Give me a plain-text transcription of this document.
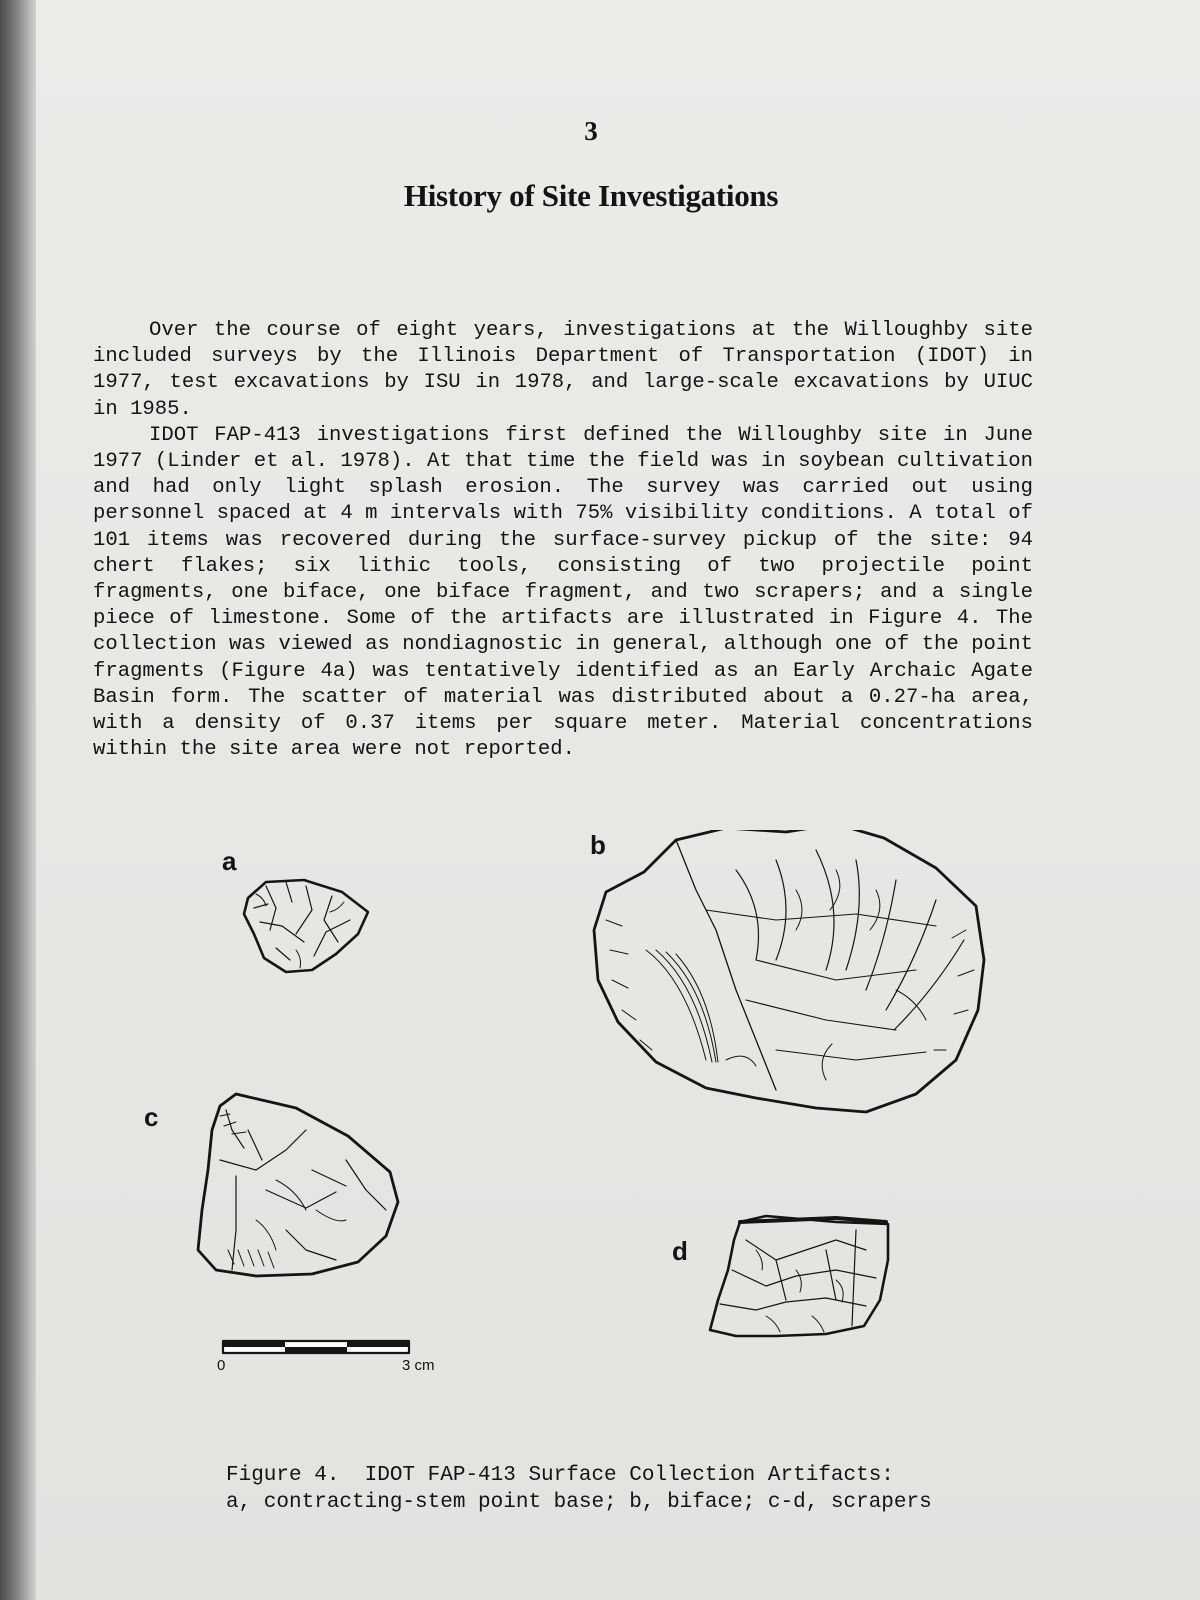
3
History of Site Investigations

Over the course of eight years, investigations at the Willoughby site included surveys by the Illinois Department of Transportation (IDOT) in 1977, test excavations by ISU in 1978, and large-scale excavations by UIUC in 1985.

IDOT FAP-413 investigations first defined the Willoughby site in June 1977 (Linder et al. 1978). At that time the field was in soybean cultivation and had only light splash erosion. The survey was carried out using personnel spaced at 4 m intervals with 75% visibility conditions. A total of 101 items was recovered during the surface-survey pickup of the site: 94 chert flakes; six lithic tools, consisting of two projectile point fragments, one biface, one biface fragment, and two scrapers; and a single piece of limestone. Some of the artifacts are illustrated in Figure 4. The collection was viewed as nondiagnostic in general, although one of the point fragments (Figure 4a) was tentatively identified as an Early Archaic Agate Basin form. The scatter of material was distributed about a 0.27-ha area, with a density of 0.37 items per square meter. Material concentrations within the site area were not reported.

a
b
c
d
0	3 cm
Figure 4.  IDOT FAP-413 Surface Collection Artifacts:
a, contracting-stem point base; b, biface; c-d, scrapers
